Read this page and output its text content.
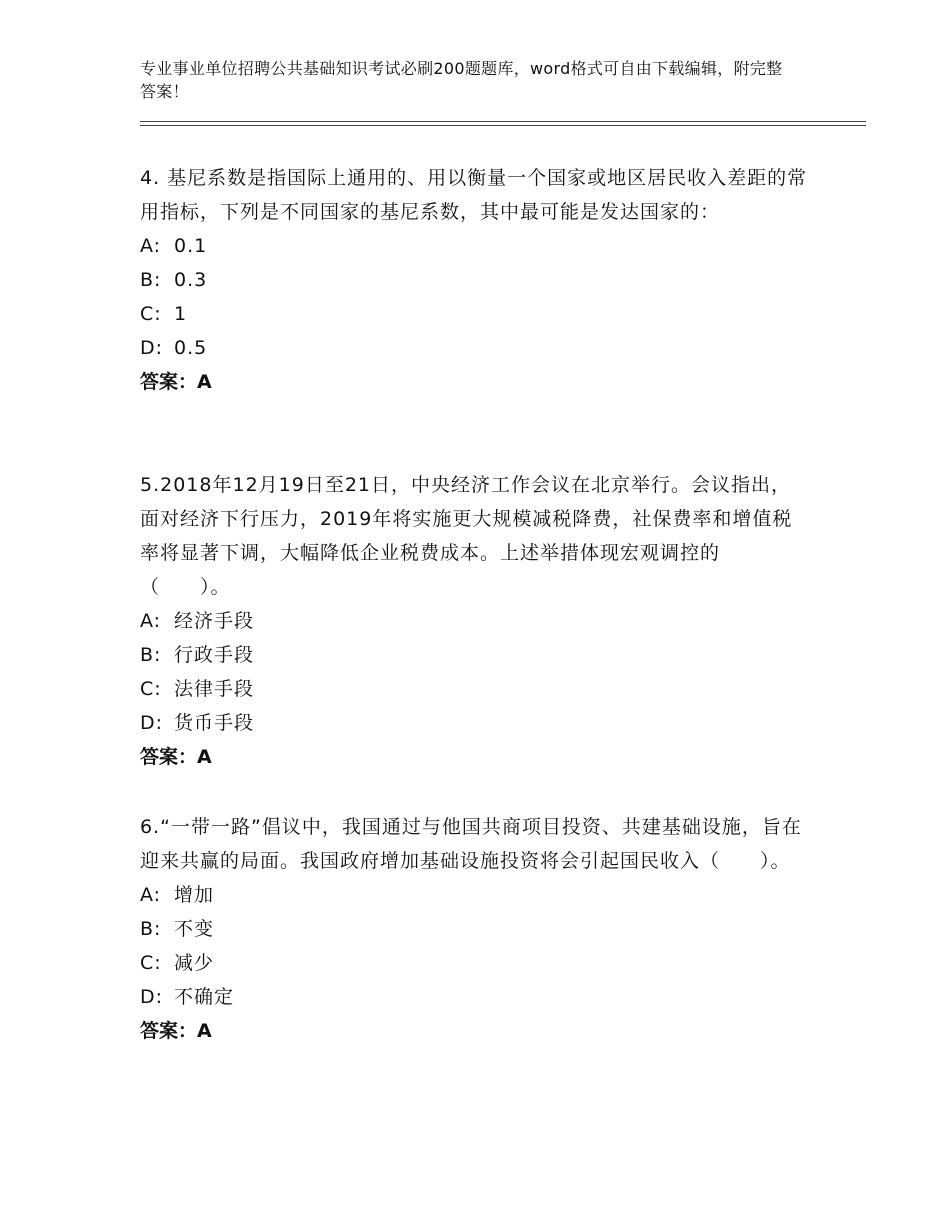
专业事业单位招聘公共基础知识考试必刷200题题库，word格式可自由下载编辑，附完整答案！

4. 基尼系数是指国际上通用的、用以衡量一个国家或地区居民收入差距的常用指标，下列是不同国家的基尼系数，其中最可能是发达国家的：

A: 0.1
B: 0.3
C: 1
D: 0.5

答案：A

5.2018年12月19日至21日，中央经济工作会议在北京举行。会议指出，面对经济下行压力，2019年将实施更大规模减税降费，社保费率和增值税率将显著下调，大幅降低企业税费成本。上述举措体现宏观调控的（　　）。

A: 经济手段
B: 行政手段
C: 法律手段
D: 货币手段

答案：A

6.“一带一路”倡议中，我国通过与他国共商项目投资、共建基础设施，旨在迎来共赢的局面。我国政府增加基础设施投资将会引起国民收入（　　）。

A: 增加
B: 不变
C: 减少
D: 不确定

答案：A
